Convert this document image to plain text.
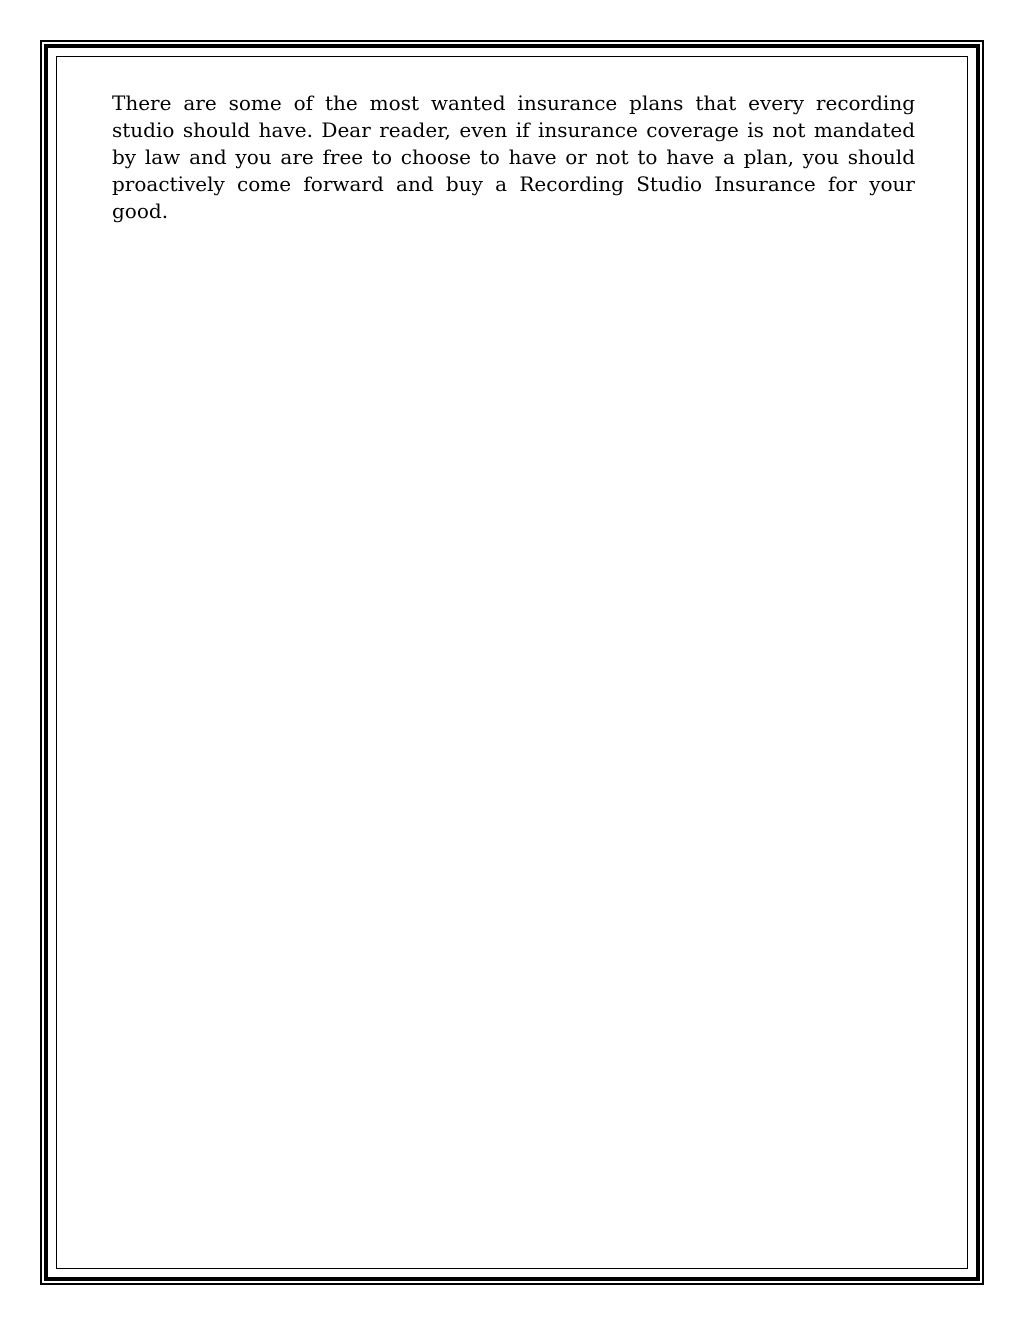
There are some of the most wanted insurance plans that every recording studio should have. Dear reader, even if insurance coverage is not mandated by law and you are free to choose to have or not to have a plan, you should proactively come forward and buy a Recording Studio Insurance for your good.
